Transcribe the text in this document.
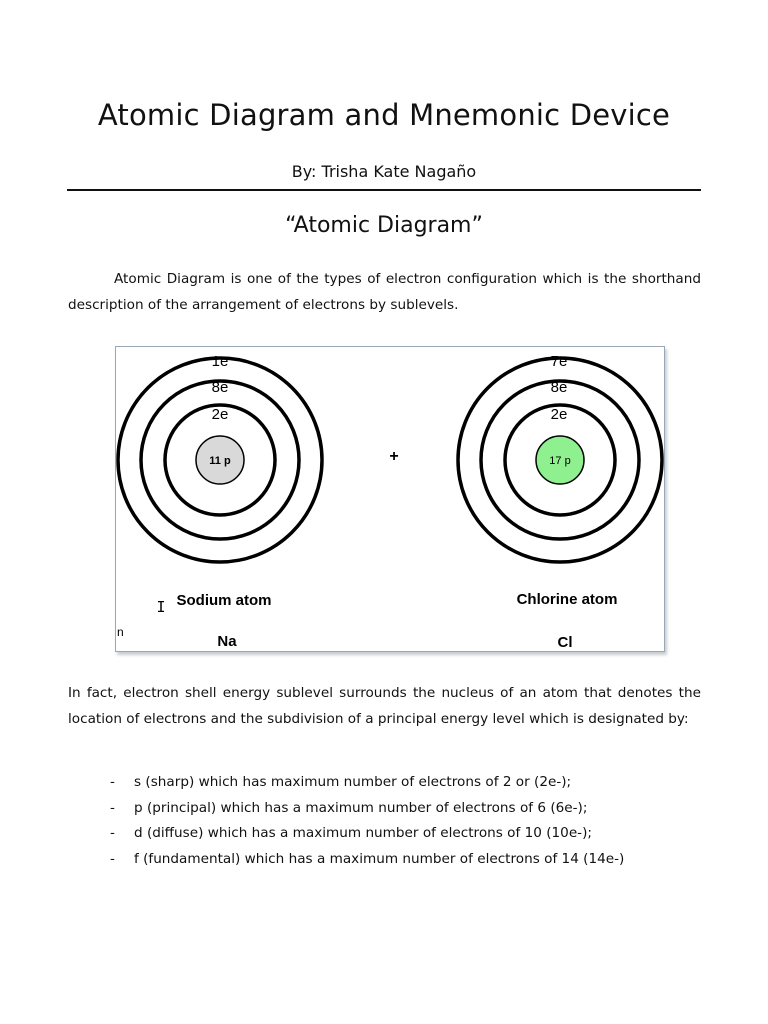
Atomic Diagram and Mnemonic Device
By: Trisha Kate Nagaño
“Atomic Diagram”
Atomic Diagram is one of the types of electron configuration which is the shorthand description of the arrangement of electrons by sublevels.
11 p
2e
8e
1e
Sodium atom
Na
+	17 p
2e
8e
7e
Chlorine atom
Cl
I
n
In fact, electron shell energy sublevel surrounds the nucleus of an atom that denotes the location of electrons and the subdivision of a principal energy level which is designated by:
- s (sharp) which has maximum number of electrons of 2 or (2e-);
- p (principal) which has a maximum number of electrons of 6 (6e-);
- d (diffuse) which has a maximum number of electrons of 10 (10e-);
- f (fundamental) which has a maximum number of electrons of 14 (14e-)
